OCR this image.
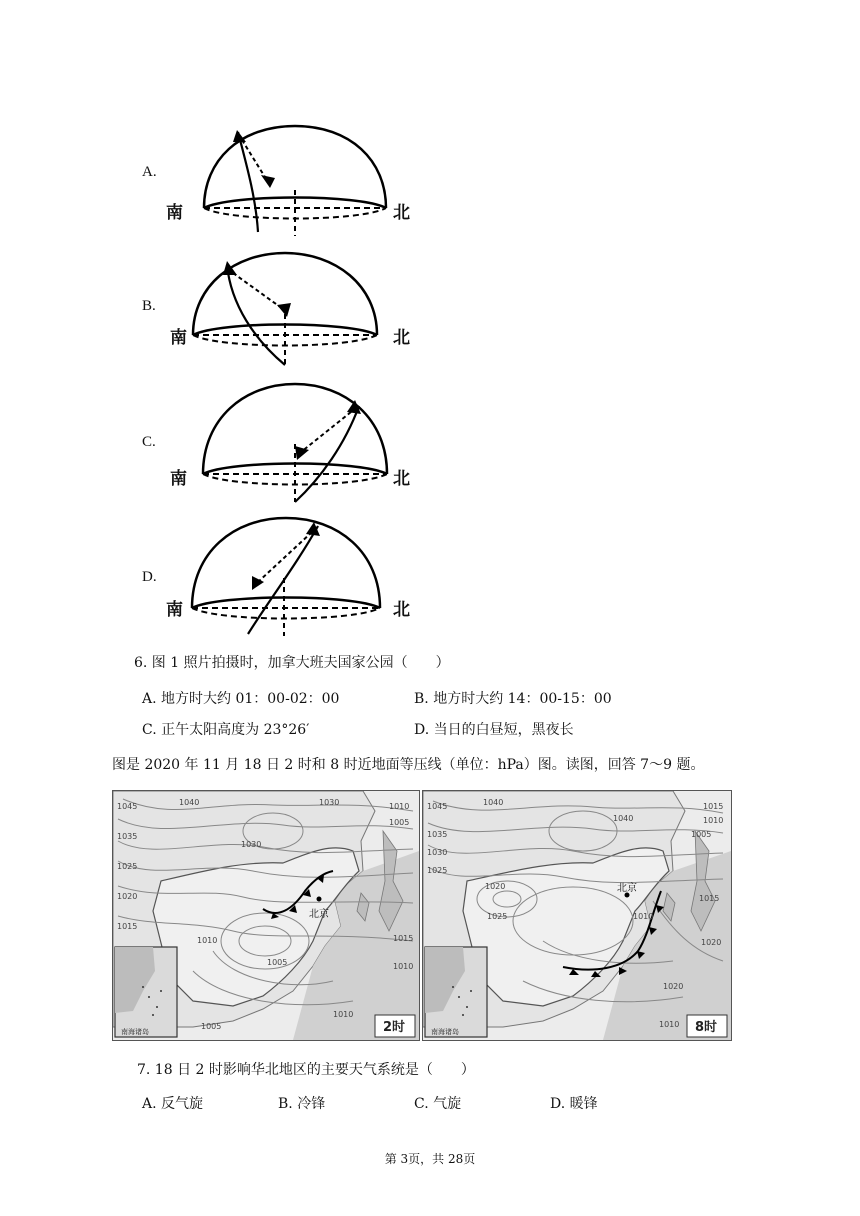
A.
南	北
B.
南	北
C.
南	北
D.
南	北
6. 图 1 照片拍摄时，加拿大班夫国家公园（　　）
A. 地方时大约 01：00-02：00	B. 地方时大约 14：00-15：00
C. 正午太阳高度为 23°26′	D. 当日的白昼短，黑夜长
图是 2020 年 11 月 18 日 2 时和 8 时近地面等压线（单位：hPa）图。读图，回答 7～9 题。
1045	1040
1035
1030
1025
1020
1015
1010
1005
1030
1010
1005
1015
1010
1010
1005
北京
南海诸岛	2时
1045	1040
1035
1030
1025
1020
1040
1010
1020
1015
1010
1005
1025
1015
1020
1010
北京
南海诸岛	8时
7. 18 日 2 时影响华北地区的主要天气系统是（　　）
A. 反气旋	B. 冷锋	C. 气旋	D. 暖锋
第 3页，共 28页
